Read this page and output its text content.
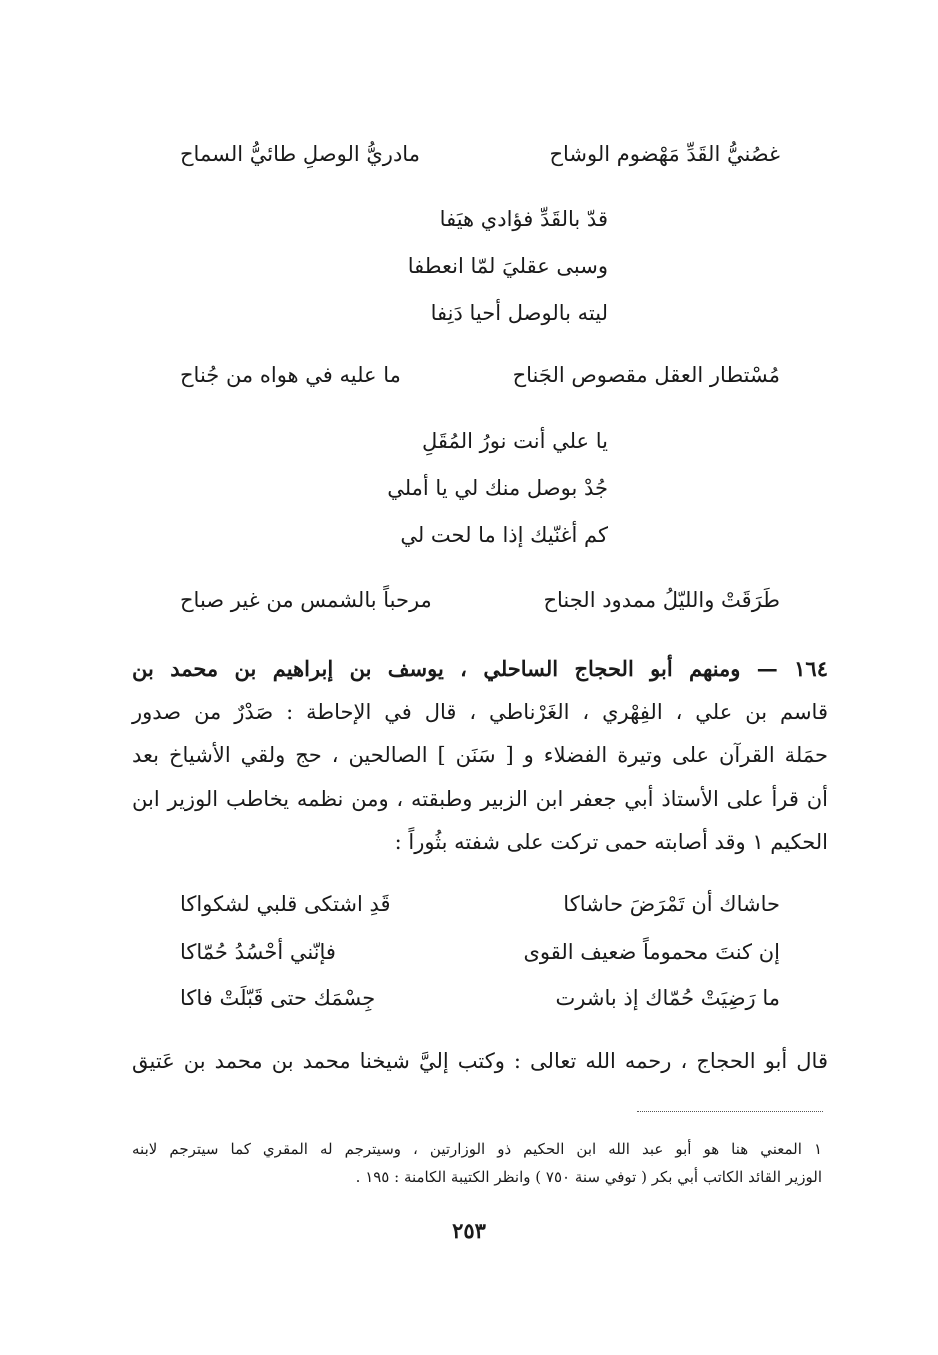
غصُنيُّ القَدِّ مَهْضوم الوشاح
مادريُّ الوصلِ طائيُّ السماح
قدّ بالقَدِّ فؤادي هيَفا
وسبى عقليَ لمّا انعطفا
ليته بالوصل أحيا دَنِفا
مُسْتطار العقل مقصوص الجَناح
ما عليه في هواه من جُناح
يا علي أنت نورُ المُقَلِ
جُدْ بوصل منك لي يا أملي
كم أغنّيك إذا ما لحت لي
طَرَقَتْ والليّلُ ممدود الجناح
مرحباً بالشمس من غير صباح
١٦٤ — ومنهم أبو الحجاج الساحلي ، يوسف بن إبراهيم بن محمد بن
قاسم بن علي ، الفِهْري ، الغَرْناطي ، قال في الإحاطة : صَدْرٌ من صدور
حمَلة القرآن على وتيرة الفضلاء و [ سَنَن ] الصالحين ، حج ولقي الأشياخ بعد
أن قرأ على الأستاذ أبي جعفر ابن الزبير وطبقته ، ومن نظمه يخاطب الوزير ابن
الحكيم ١ وقد أصابته حمى تركت على شفته بثُوراً :
حاشاك أن تَمْرَضَ حاشاكا
قَدِ اشتكى قلبي لشكواكا
إن كنتَ محموماً ضعيف القوى
فإنّني أحْسُدُ حُمّاكا
ما رَضِيَتْ حُمّاك إذ باشرت
جِسْمَك حتى قَبّلَتْ فاكا
قال أبو الحجاج ، رحمه الله تعالى : وكتب إليَّ شيخنا محمد بن محمد بن عَتيق
١ المعني هنا هو أبو عبد الله ابن الحكيم ذو الوزارتين ، وسيترجم له المقري كما سيترجم لابنه
الوزير القائد الكاتب أبي بكر ( توفي سنة ٧٥٠ ) وانظر الكتيبة الكامنة : ١٩٥ .
٢٥٣
